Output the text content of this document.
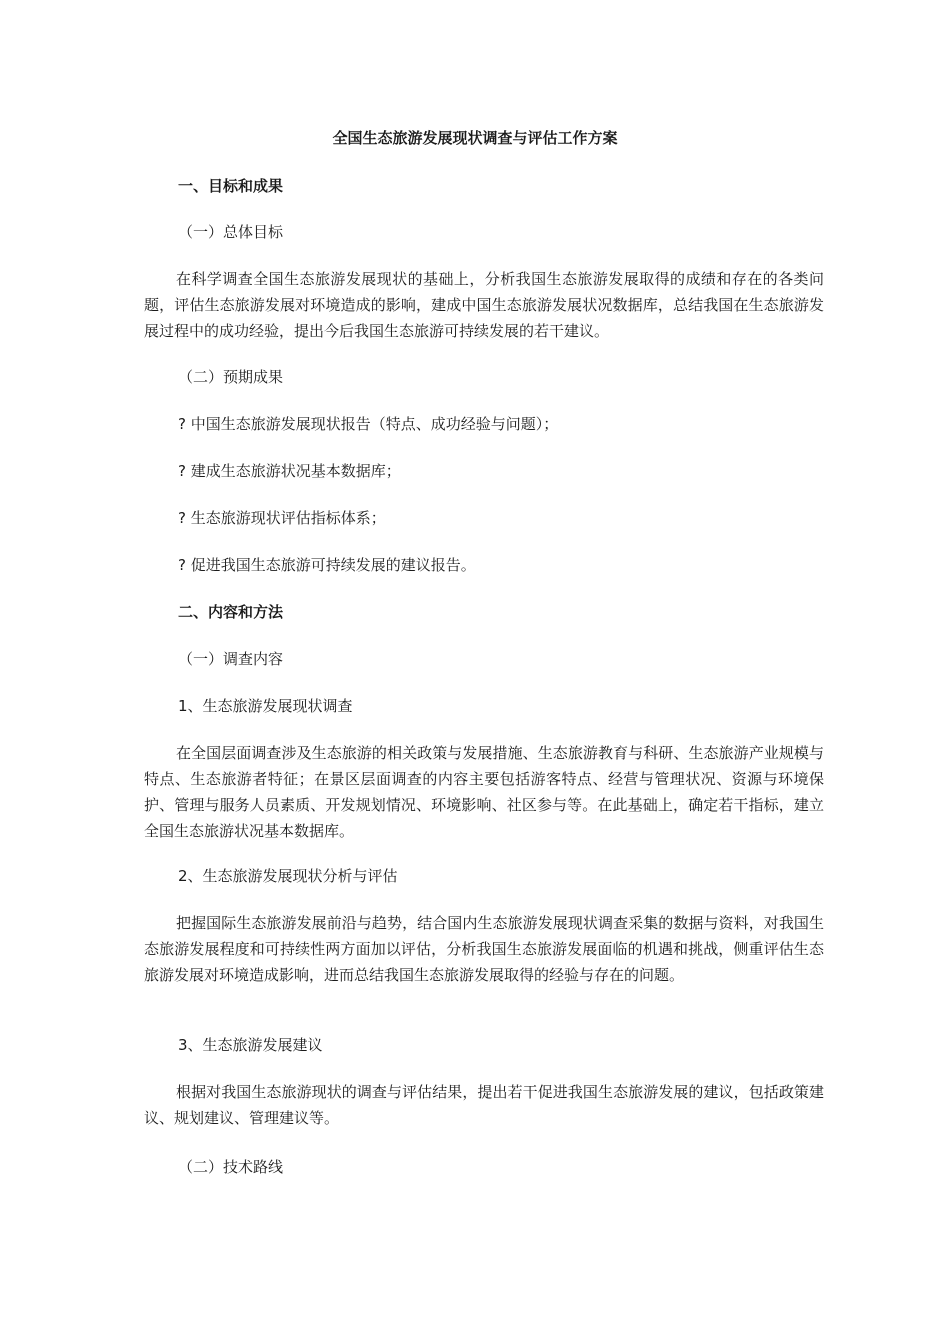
全国生态旅游发展现状调查与评估工作方案
一、目标和成果
（一）总体目标
在科学调查全国生态旅游发展现状的基础上，分析我国生态旅游发展取得的成绩和存在的各类问题，评估生态旅游发展对环境造成的影响，建成中国生态旅游发展状况数据库，总结我国在生态旅游发展过程中的成功经验，提出今后我国生态旅游可持续发展的若干建议。
（二）预期成果
? 中国生态旅游发展现状报告（特点、成功经验与问题）；
? 建成生态旅游状况基本数据库；
? 生态旅游现状评估指标体系；
? 促进我国生态旅游可持续发展的建议报告。
二、内容和方法
（一）调查内容
1、生态旅游发展现状调查
在全国层面调查涉及生态旅游的相关政策与发展措施、生态旅游教育与科研、生态旅游产业规模与特点、生态旅游者特征；在景区层面调查的内容主要包括游客特点、经营与管理状况、资源与环境保护、管理与服务人员素质、开发规划情况、环境影响、社区参与等。在此基础上，确定若干指标，建立全国生态旅游状况基本数据库。
2、生态旅游发展现状分析与评估
把握国际生态旅游发展前沿与趋势，结合国内生态旅游发展现状调查采集的数据与资料，对我国生态旅游发展程度和可持续性两方面加以评估，分析我国生态旅游发展面临的机遇和挑战，侧重评估生态旅游发展对环境造成影响，进而总结我国生态旅游发展取得的经验与存在的问题。
3、生态旅游发展建议
根据对我国生态旅游现状的调查与评估结果，提出若干促进我国生态旅游发展的建议，包括政策建议、规划建议、管理建议等。
（二）技术路线
